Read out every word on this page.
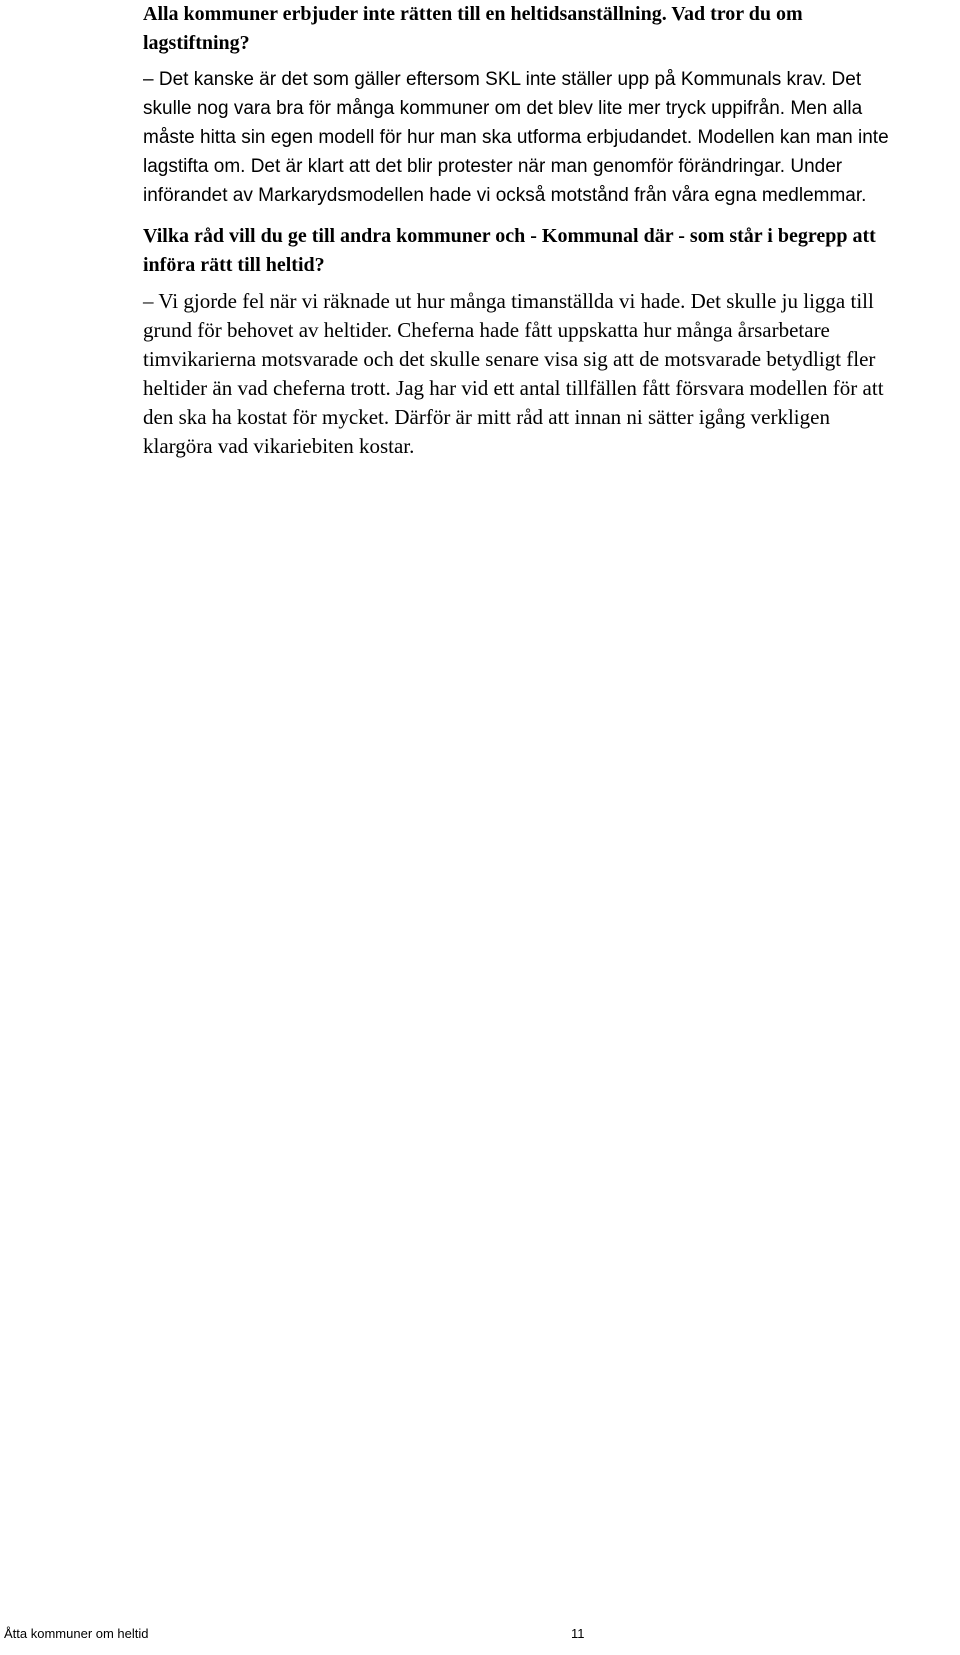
Alla kommuner erbjuder inte rätten till en heltidsanställning. Vad tror du om lagstiftning?

– Det kanske är det som gäller eftersom SKL inte ställer upp på Kommunals krav. Det skulle nog vara bra för många kommuner om det blev lite mer tryck uppifrån. Men alla måste hitta sin egen modell för hur man ska utforma erbjudandet. Modellen kan man inte lagstifta om. Det är klart att det blir protester när man genomför förändringar. Under införandet av Markarydsmodellen hade vi också motstånd från våra egna medlemmar.

Vilka råd vill du ge till andra kommuner och - Kommunal där - som står i begrepp att införa rätt till heltid?

– Vi gjorde fel när vi räknade ut hur många timanställda vi hade. Det skulle ju ligga till grund för behovet av heltider. Cheferna hade fått uppskatta hur många årsarbetare timvikarierna motsvarade och det skulle senare visa sig att de motsvarade betydligt fler heltider än vad cheferna trott. Jag har vid ett antal tillfällen fått försvara modellen för att den ska ha kostat för mycket. Därför är mitt råd att innan ni sätter igång verkligen klargöra vad vikariebiten kostar.

Åtta kommuner om heltid	11
